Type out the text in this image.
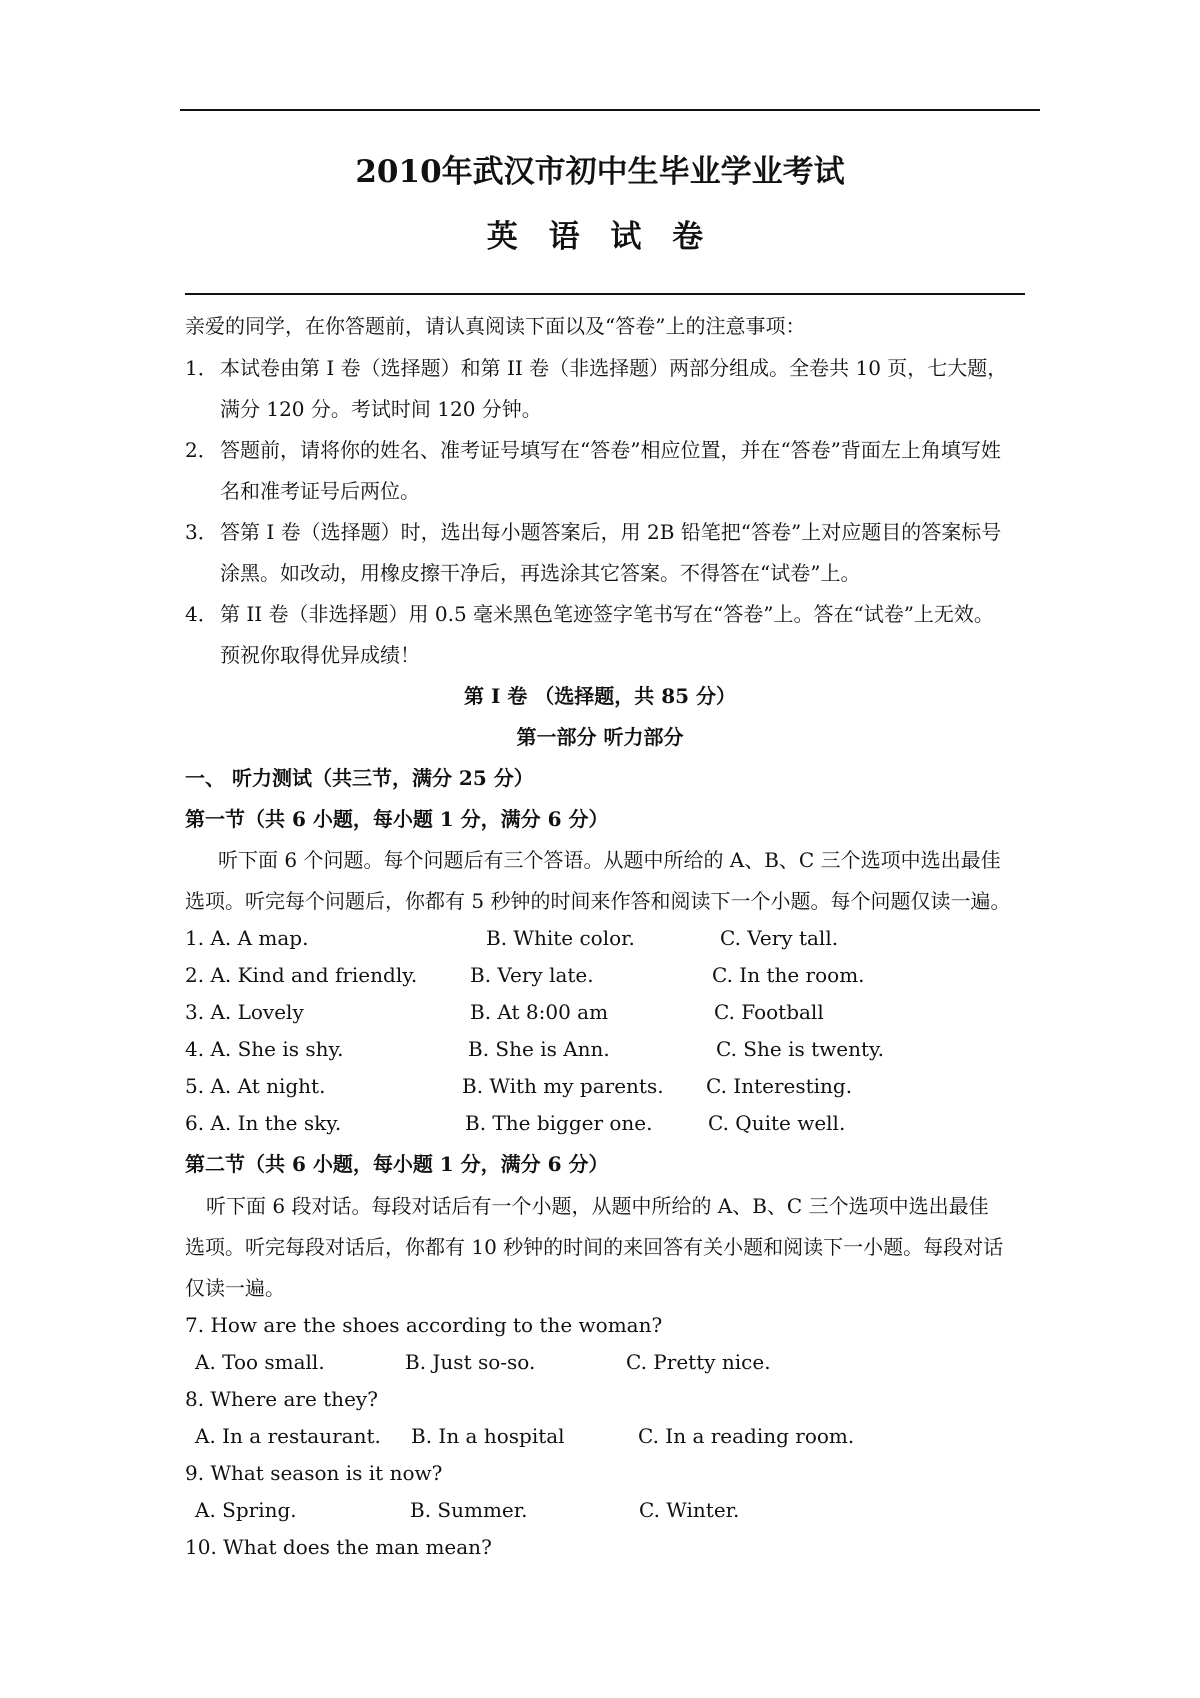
2010年武汉市初中生毕业学业考试
英 语 试 卷
亲爱的同学，在你答题前，请认真阅读下面以及“答卷”上的注意事项：
1． 本试卷由第 I 卷（选择题）和第 II 卷（非选择题）两部分组成。全卷共 10 页，七大题，
满分 120 分。考试时间 120 分钟。
2． 答题前，请将你的姓名、准考证号填写在“答卷”相应位置，并在“答卷”背面左上角填写姓
名和准考证号后两位。
3． 答第 I 卷（选择题）时，选出每小题答案后，用 2B 铅笔把“答卷”上对应题目的答案标号
涂黑。如改动，用橡皮擦干净后，再选涂其它答案。不得答在“试卷”上。
4． 第 II 卷（非选择题）用 0.5 毫米黑色笔迹签字笔书写在“答卷”上。答在“试卷”上无效。
预祝你取得优异成绩！
第 I 卷 （选择题，共 85 分）
第一部分 听力部分
一、 听力测试（共三节，满分 25 分）
第一节（共 6 小题，每小题 1 分，满分 6 分）
听下面 6 个问题。每个问题后有三个答语。从题中所给的 A、B、C 三个选项中选出最佳
选项。听完每个问题后，你都有 5 秒钟的时间来作答和阅读下一个小题。每个问题仅读一遍。
1. A. A map.	B. White color.	C. Very tall.
2. A. Kind and friendly.	B. Very late.	C. In the room.
3. A. Lovely	B. At 8:00 am	C. Football
4. A. She is shy.	B. She is Ann.	C. She is twenty.
5. A. At night.	B. With my parents. C. Interesting.
6. A. In the sky.	B. The bigger one.	C. Quite well.
第二节（共 6 小题，每小题 1 分，满分 6 分）
听下面 6 段对话。每段对话后有一个小题，从题中所给的 A、B、C 三个选项中选出最佳
选项。听完每段对话后，你都有 10 秒钟的时间的来回答有关小题和阅读下一小题。每段对话
仅读一遍。
7. How are the shoes according to the woman?
A. Too small.	B. Just so-so.	C. Pretty nice.
8. Where are they?
A. In a restaurant. B. In a hospital	C. In a reading room.
9. What season is it now?
A. Spring.	B. Summer.	C. Winter.
10. What does the man mean?
